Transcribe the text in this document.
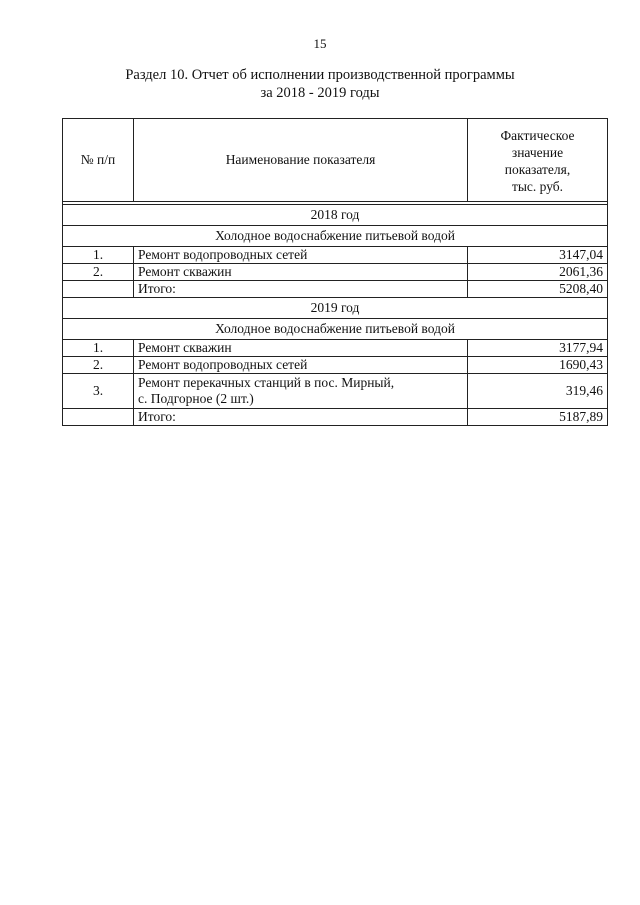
15
Раздел 10. Отчет об исполнении производственной программы
за 2018 - 2019 годы
№ п/п	Наименование показателя	Фактическое
значение
показателя,
тыс. руб.

2018 год		
Холодное водоснабжение питьевой водой		
1.	Ремонт водопроводных сетей	3147,04
2.	Ремонт скважин	2061,36
	Итого:	5208,40
2019 год		
Холодное водоснабжение питьевой водой		
1.	Ремонт скважин	3177,94
2.	Ремонт водопроводных сетей	1690,43
3.	Ремонт перекачных станций в пос. Мирный,
с. Подгорное (2 шт.)	319,46
	Итого:	5187,89
